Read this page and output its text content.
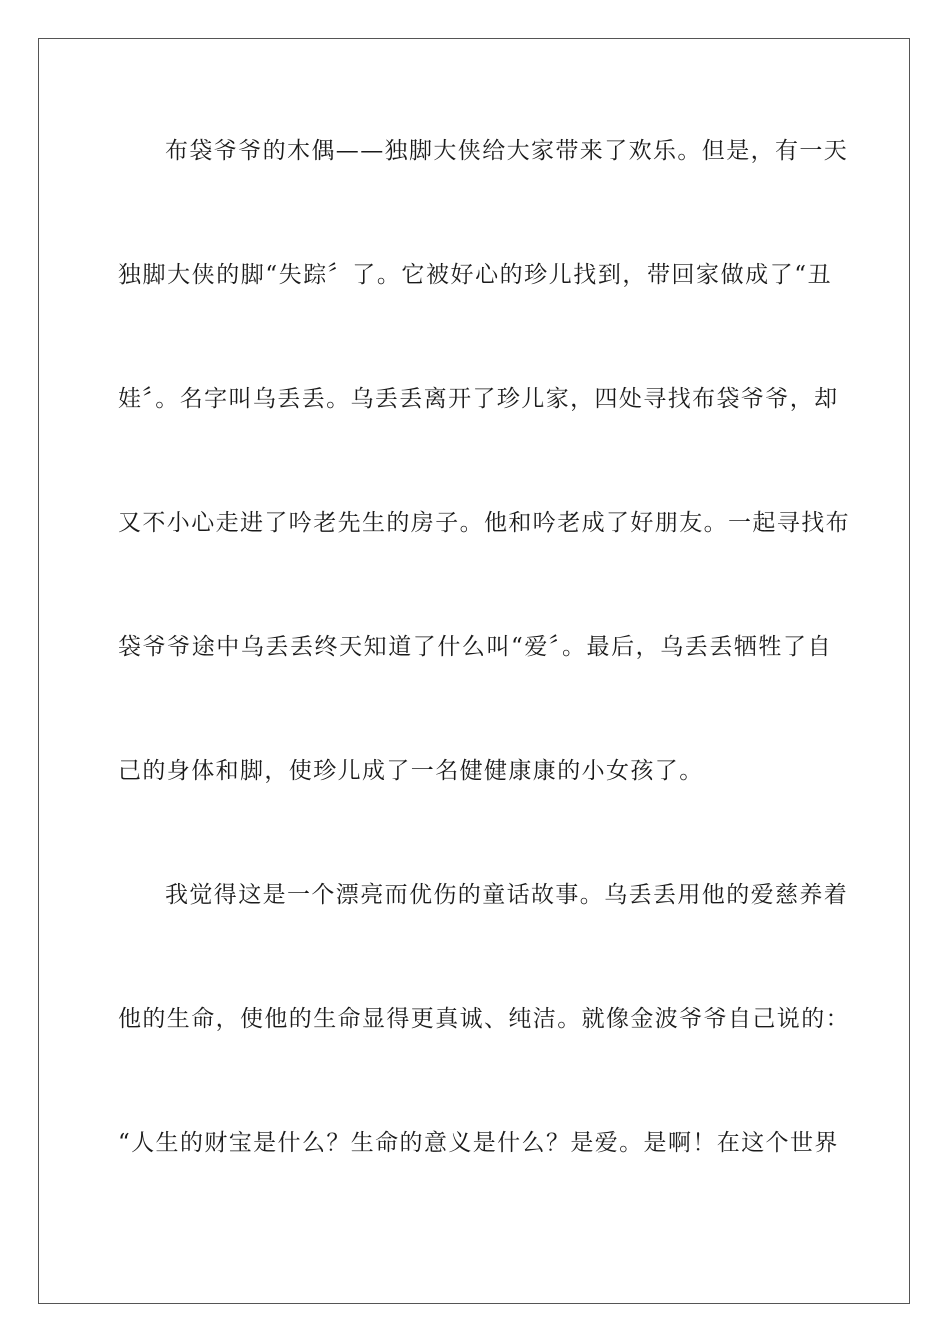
布袋爷爷的木偶——独脚大侠给大家带来了欢乐。但是，有一天
独脚大侠的脚“失踪〞了。它被好心的珍儿找到，带回家做成了“丑
娃〞。名字叫乌丢丢。乌丢丢离开了珍儿家，四处寻找布袋爷爷，却
又不小心走进了吟老先生的房子。他和吟老成了好朋友。一起寻找布
袋爷爷途中乌丢丢终天知道了什么叫“爱〞。最后，乌丢丢牺牲了自
己的身体和脚，使珍儿成了一名健健康康的小女孩了。
我觉得这是一个漂亮而优伤的童话故事。乌丢丢用他的爱慈养着
他的生命，使他的生命显得更真诚、纯洁。就像金波爷爷自己说的：
“人生的财宝是什么？生命的意义是什么？是爱。是啊！在这个世界
